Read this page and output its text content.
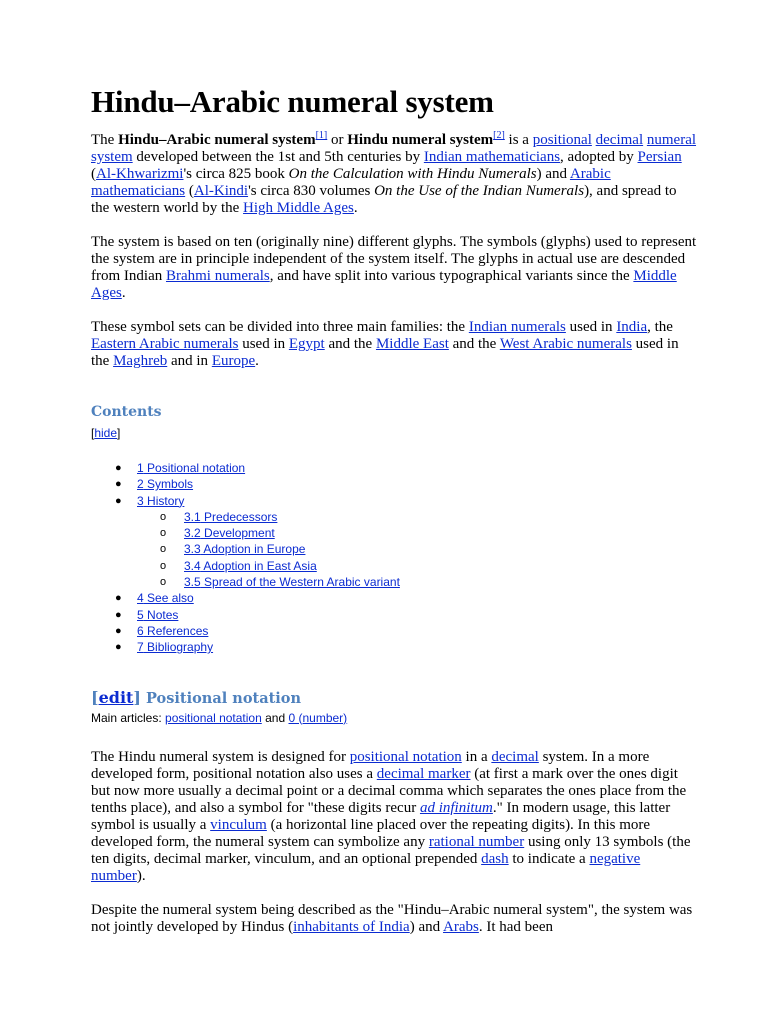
Hindu–Arabic numeral system

The Hindu–Arabic numeral system[1] or Hindu numeral system[2] is a positional decimal numeral system developed between the 1st and 5th centuries by Indian mathematicians, adopted by Persian (Al-Khwarizmi's circa 825 book On the Calculation with Hindu Numerals) and Arabic mathematicians (Al-Kindi's circa 830 volumes On the Use of the Indian Numerals), and spread to the western world by the High Middle Ages.

The system is based on ten (originally nine) different glyphs. The symbols (glyphs) used to represent the system are in principle independent of the system itself. The glyphs in actual use are descended from Indian Brahmi numerals, and have split into various typographical variants since the Middle Ages.

These symbol sets can be divided into three main families: the Indian numerals used in India, the Eastern Arabic numerals used in Egypt and the Middle East and the West Arabic numerals used in the Maghreb and in Europe.

Contents
[hide]
● 1 Positional notation
● 2 Symbols
● 3 History
o 3.1 Predecessors
o 3.2 Development
o 3.3 Adoption in Europe
o 3.4 Adoption in East Asia
o 3.5 Spread of the Western Arabic variant
● 4 See also
● 5 Notes
● 6 References
● 7 Bibliography
[edit] Positional notation
Main articles: positional notation and 0 (number)

The Hindu numeral system is designed for positional notation in a decimal system. In a more developed form, positional notation also uses a decimal marker (at first a mark over the ones digit but now more usually a decimal point or a decimal comma which separates the ones place from the tenths place), and also a symbol for "these digits recur ad infinitum." In modern usage, this latter symbol is usually a vinculum (a horizontal line placed over the repeating digits). In this more developed form, the numeral system can symbolize any rational number using only 13 symbols (the ten digits, decimal marker, vinculum, and an optional prepended dash to indicate a negative number).

Despite the numeral system being described as the "Hindu–Arabic numeral system", the system was not jointly developed by Hindus (inhabitants of India) and Arabs. It had been
